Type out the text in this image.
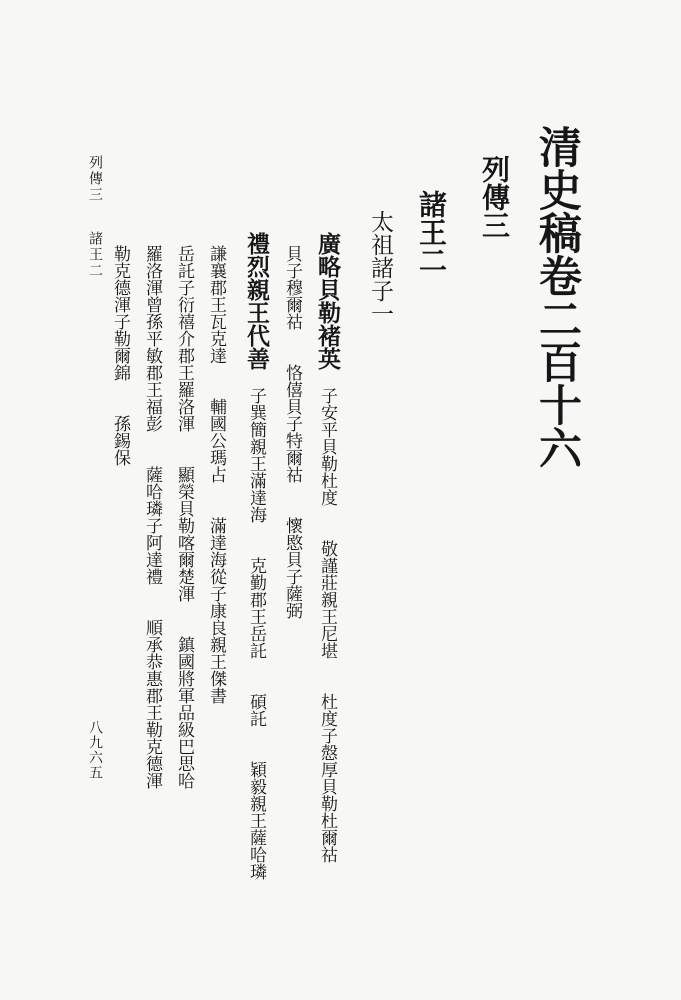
清史稿卷二百十六
列傳三
諸王二
太祖諸子一
廣略貝勒褚英子安平貝勒杜度敬謹莊親王尼堪杜度子慤厚貝勒杜爾祜
貝子穆爾祜恪僖貝子特爾祜懷愍貝子薩弼
禮烈親王代善子巽簡親王滿達海克勤郡王岳託碩託穎毅親王薩哈璘
謙襄郡王瓦克達輔國公瑪占滿達海從子康良親王傑書
岳託子衍禧介郡王羅洛渾顯榮貝勒喀爾楚渾鎮國將軍品級巴思哈
羅洛渾曾孫平敏郡王福彭薩哈璘子阿達禮順承恭惠郡王勒克德渾
勒克德渾子勒爾錦孫錫保
列傳三諸王二
八九六五
